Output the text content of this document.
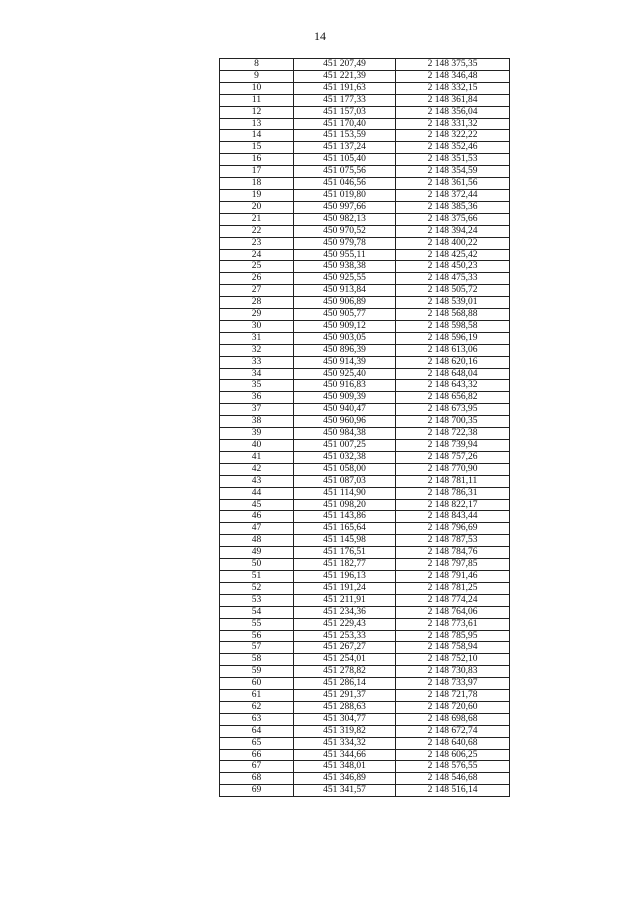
14
8	451 207,49	2 148 375,35
9	451 221,39	2 148 346,48
10	451 191,63	2 148 332,15
11	451 177,33	2 148 361,84
12	451 157,03	2 148 356,04
13	451 170,40	2 148 331,32
14	451 153,59	2 148 322,22
15	451 137,24	2 148 352,46
16	451 105,40	2 148 351,53
17	451 075,56	2 148 354,59
18	451 046,56	2 148 361,56
19	451 019,80	2 148 372,44
20	450 997,66	2 148 385,36
21	450 982,13	2 148 375,66
22	450 970,52	2 148 394,24
23	450 979,78	2 148 400,22
24	450 955,11	2 148 425,42
25	450 938,38	2 148 450,23
26	450 925,55	2 148 475,33
27	450 913,84	2 148 505,72
28	450 906,89	2 148 539,01
29	450 905,77	2 148 568,88
30	450 909,12	2 148 598,58
31	450 903,05	2 148 596,19
32	450 896,39	2 148 613,06
33	450 914,39	2 148 620,16
34	450 925,40	2 148 648,04
35	450 916,83	2 148 643,32
36	450 909,39	2 148 656,82
37	450 940,47	2 148 673,95
38	450 960,96	2 148 700,35
39	450 984,38	2 148 722,38
40	451 007,25	2 148 739,94
41	451 032,38	2 148 757,26
42	451 058,00	2 148 770,90
43	451 087,03	2 148 781,11
44	451 114,90	2 148 786,31
45	451 098,20	2 148 822,17
46	451 143,86	2 148 843,44
47	451 165,64	2 148 796,69
48	451 145,98	2 148 787,53
49	451 176,51	2 148 784,76
50	451 182,77	2 148 797,85
51	451 196,13	2 148 791,46
52	451 191,24	2 148 781,25
53	451 211,91	2 148 774,24
54	451 234,36	2 148 764,06
55	451 229,43	2 148 773,61
56	451 253,33	2 148 785,95
57	451 267,27	2 148 758,94
58	451 254,01	2 148 752,10
59	451 278,82	2 148 730,83
60	451 286,14	2 148 733,97
61	451 291,37	2 148 721,78
62	451 288,63	2 148 720,60
63	451 304,77	2 148 698,68
64	451 319,82	2 148 672,74
65	451 334,32	2 148 640,68
66	451 344,66	2 148 606,25
67	451 348,01	2 148 576,55
68	451 346,89	2 148 546,68
69	451 341,57	2 148 516,14
